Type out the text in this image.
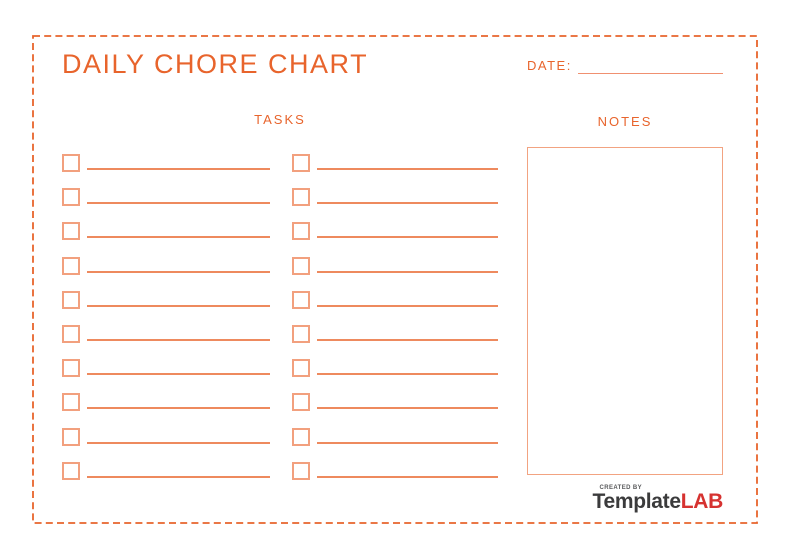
DAILY CHORE CHART	DATE:
TASKS	NOTES
CREATED BY
TemplateLAB
